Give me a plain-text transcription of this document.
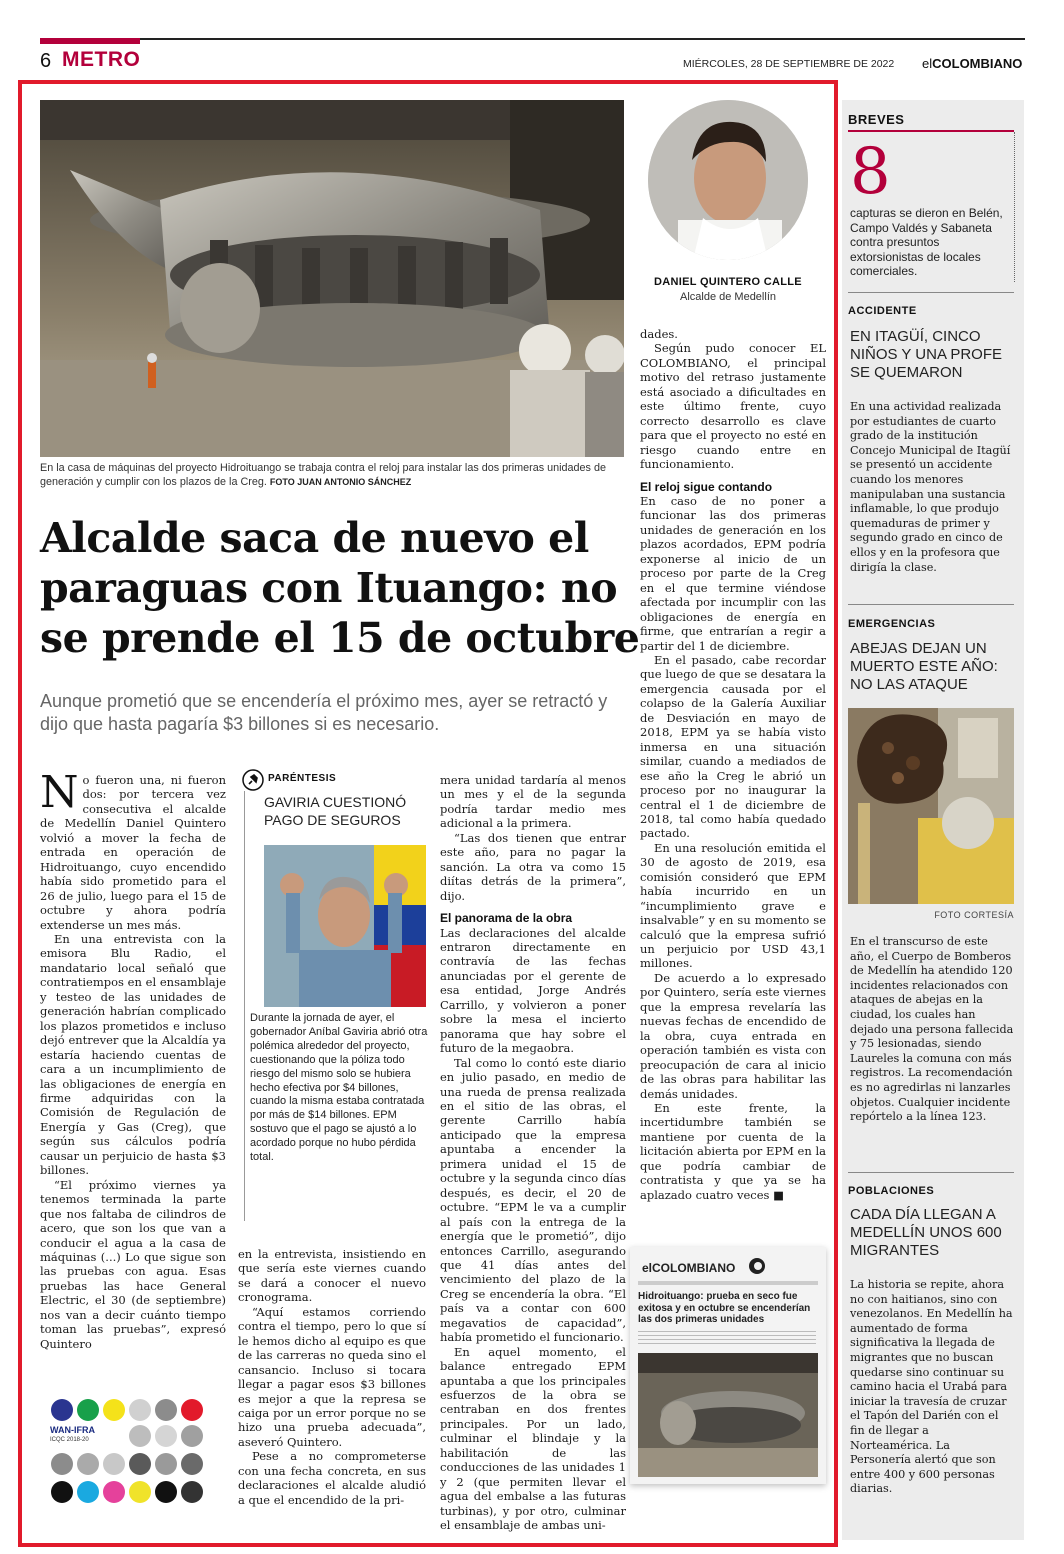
6 METRO	MIÉRCOLES, 28 DE SEPTIEMBRE DE 2022 elCOLOMBIANO
En la casa de máquinas del proyecto Hidroituango se trabaja contra el reloj para instalar las dos primeras unidades de generación y cumplir con los plazos de la Creg. FOTO JUAN ANTONIO SÁNCHEZ
DANIEL QUINTERO CALLE
Alcalde de Medellín
Alcalde saca de nuevo el paraguas con Ituango: no se prende el 15 de octubre
Aunque prometió que se encendería el próximo mes, ayer se retractó y dijo que hasta pagaría $3 billones si es necesario.
N o fueron una, ni fueron dos: por tercera vez consecutiva el alcalde de Medellín Daniel Quintero volvió a mover la fecha de entrada en operación de Hidroituango, cuyo encendido había sido prometido para el 26 de julio, luego para el 15 de octubre y ahora podría extenderse un mes más.

En una entrevista con la emisora Blu Radio, el mandatario local señaló que contratiempos en el ensamblaje y testeo de las unidades de generación habrían complicado los plazos prometidos e incluso dejó entrever que la Alcaldía ya estaría haciendo cuentas de cara a un incumplimiento de las obligaciones de energía en firme adquiridas con la Comisión de Regulación de Energía y Gas (Creg), que según sus cálculos podría causar un perjuicio de hasta $3 billones.

“El próximo viernes ya tenemos terminada la parte que nos faltaba de cilindros de acero, que son los que van a conducir el agua a la casa de máquinas (...) Lo que sigue son las pruebas con agua. Esas pruebas las hace General Electric, el 30 (de septiembre) nos van a decir cuánto tiempo toman las pruebas”, expresó Quintero

PARÉNTESIS
GAVIRIA CUESTIONÓ PAGO DE SEGUROS
Durante la jornada de ayer, el gobernador Aníbal Gaviria abrió otra polémica alrededor del proyecto, cuestionando que la póliza todo riesgo del mismo solo se hubiera hecho efectiva por $4 billones, cuando la misma estaba contratada por más de $14 billones. EPM sostuvo que el pago se ajustó a lo acordado porque no hubo pérdida total.

en la entrevista, insistiendo en que sería este viernes cuando se dará a conocer el nuevo cronograma.

“Aquí estamos corriendo contra el tiempo, pero lo que sí le hemos dicho al equipo es que de las carreras no queda sino el cansancio. Incluso si tocara llegar a pagar esos $3 billones es mejor a que la represa se caiga por un error porque no se hizo una prueba adecuada”, aseveró Quintero.

Pese a no comprometerse con una fecha concreta, en sus declaraciones el alcalde aludió a que el encendido de la pri-

mera unidad tardaría al menos un mes y el de la segunda podría tardar medio mes adicional a la primera.

“Las dos tienen que entrar este año, para no pagar la sanción. La otra va como 15 diítas detrás de la primera”, dijo.

El panorama de la obra

Las declaraciones del alcalde entraron directamente en contravía de las fechas anunciadas por el gerente de esa entidad, Jorge Andrés Carrillo, y volvieron a poner sobre la mesa el incierto panorama que hay sobre el futuro de la megaobra.

Tal como lo contó este diario en julio pasado, en medio de una rueda de prensa realizada en el sitio de las obras, el gerente Carrillo había anticipado que la empresa apuntaba a encender la primera unidad el 15 de octubre y la segunda cinco días después, es decir, el 20 de octubre. “EPM le va a cumplir al país con la entrega de la energía que le prometió”, dijo entonces Carrillo, asegurando que 41 días antes del vencimiento del plazo de la Creg se encendería la obra. “El país va a contar con 600 megavatios de capacidad”, había prometido el funcionario.

En aquel momento, el balance entregado EPM apuntaba a que los principales esfuerzos de la obra se centraban en dos frentes principales. Por un lado, culminar el blindaje y la habilitación de las conducciones de las unidades 1 y 2 (que permiten llevar el agua del embalse a las futuras turbinas), y por otro, culminar el ensamblaje de ambas uni-

dades.

Según pudo conocer EL COLOMBIANO, el principal motivo del retraso justamente está asociado a dificultades en este último frente, cuyo correcto desarrollo es clave para que el proyecto no esté en riesgo cuando entre en funcionamiento.

El reloj sigue contando

En caso de no poner a funcionar las dos primeras unidades de generación en los plazos acordados, EPM podría exponerse al inicio de un proceso por parte de la Creg en el que termine viéndose afectada por incumplir con las obligaciones de energía en firme, que entrarían a regir a partir del 1 de diciembre.

En el pasado, cabe recordar que luego de que se desatara la emergencia causada por el colapso de la Galería Auxiliar de Desviación en mayo de 2018, EPM ya se había visto inmersa en una situación similar, cuando a mediados de ese año la Creg le abrió un proceso por no inaugurar la central el 1 de diciembre de 2018, tal como había quedado pactado.

En una resolución emitida el 30 de agosto de 2019, esa comisión consideró que EPM había incurrido en un “incumplimiento grave e insalvable” y en su momento se calculó que la empresa sufrió un perjuicio por USD 43,1 millones.

De acuerdo a lo expresado por Quintero, sería este viernes que la empresa revelaría las nuevas fechas de encendido de la obra, cuya entrada en operación también es vista con preocupación de cara al inicio de las obras para habilitar las demás unidades.

En este frente, la incertidumbre también se mantiene por cuenta de la licitación abierta por EPM en la que podría cambiar de contratista y que ya se ha aplazado cuatro veces ■

elCOLOMBIANO
Hidroituango: prueba en seco fue exitosa y en octubre se encenderían las dos primeras unidades
WAN-IFRA
ICQC 2018-20
BREVES
8
capturas se dieron en Belén, Campo Valdés y Sabaneta contra presuntos extorsionistas de locales comerciales.
ACCIDENTE
EN ITAGÜÍ, CINCO NIÑOS Y UNA PROFE SE QUEMARON
En una actividad realizada por estudiantes de cuarto grado de la institución Concejo Municipal de Itagüí se presentó un accidente cuando los menores manipulaban una sustancia inflamable, lo que produjo quemaduras de primer y segundo grado en cinco de ellos y en la profesora que dirigía la clase.
EMERGENCIAS
ABEJAS DEJAN UN MUERTO ESTE AÑO: NO LAS ATAQUE
FOTO CORTESÍA
En el transcurso de este año, el Cuerpo de Bomberos de Medellín ha atendido 120 incidentes relacionados con ataques de abejas en la ciudad, los cuales han dejado una persona fallecida y 75 lesionadas, siendo Laureles la comuna con más registros. La recomendación es no agredirlas ni lanzarles objetos. Cualquier incidente repórtelo a la línea 123.
POBLACIONES
CADA DÍA LLEGAN A MEDELLÍN UNOS 600 MIGRANTES
La historia se repite, ahora no con haitianos, sino con venezolanos. En Medellín ha aumentado de forma significativa la llegada de migrantes que no buscan quedarse sino continuar su camino hacia el Urabá para iniciar la travesía de cruzar el Tapón del Darién con el fin de llegar a Norteamérica. La Personería alertó que son entre 400 y 600 personas diarias.
